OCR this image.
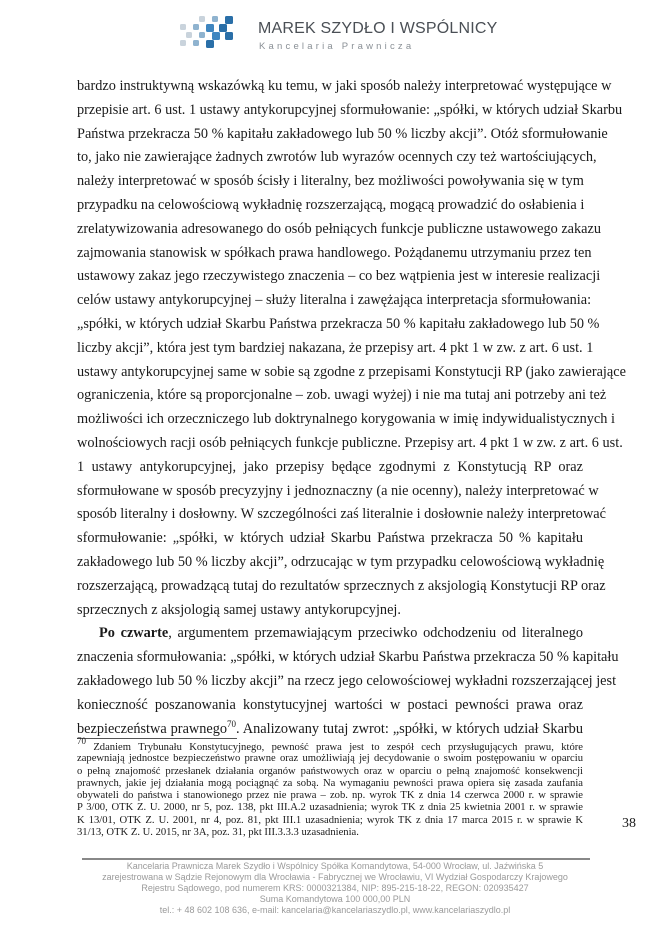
MAREK SZYDŁO I WSPÓLNICY
Kancelaria Prawnicza
bardzo instruktywną wskazówką ku temu, w jaki sposób należy interpretować występujące w
przepisie art. 6 ust. 1 ustawy antykorupcyjnej sformułowanie: „spółki, w których udział Skarbu
Państwa przekracza 50 % kapitału zakładowego lub 50 % liczby akcji”. Otóż sformułowanie
to, jako nie zawierające żadnych zwrotów lub wyrazów ocennych czy też wartościujących,
należy interpretować w sposób ścisły i literalny, bez możliwości powoływania się w tym
przypadku na celowościową wykładnię rozszerzającą, mogącą prowadzić do osłabienia i
zrelatywizowania adresowanego do osób pełniących funkcje publiczne ustawowego zakazu
zajmowania stanowisk w spółkach prawa handlowego. Pożądanemu utrzymaniu przez ten
ustawowy zakaz jego rzeczywistego znaczenia – co bez wątpienia jest w interesie realizacji
celów ustawy antykorupcyjnej – służy literalna i zawężająca interpretacja sformułowania:
„spółki, w których udział Skarbu Państwa przekracza 50 % kapitału zakładowego lub 50 %
liczby akcji”, która jest tym bardziej nakazana, że przepisy art. 4 pkt 1 w zw. z art. 6 ust. 1
ustawy antykorupcyjnej same w sobie są zgodne z przepisami Konstytucji RP (jako zawierające
ograniczenia, które są proporcjonalne – zob. uwagi wyżej) i nie ma tutaj ani potrzeby ani też
możliwości ich orzeczniczego lub doktrynalnego korygowania w imię indywidualistycznych i
wolnościowych racji osób pełniących funkcje publiczne. Przepisy art. 4 pkt 1 w zw. z art. 6 ust.
1 ustawy antykorupcyjnej, jako przepisy będące zgodnymi z Konstytucją RP oraz
sformułowane w sposób precyzyjny i jednoznaczny (a nie ocenny), należy interpretować w
sposób literalny i dosłowny. W szczególności zaś literalnie i dosłownie należy interpretować
sformułowanie: „spółki, w których udział Skarbu Państwa przekracza 50 % kapitału
zakładowego lub 50 % liczby akcji”, odrzucając w tym przypadku celowościową wykładnię
rozszerzającą, prowadzącą tutaj do rezultatów sprzecznych z aksjologią Konstytucji RP oraz
sprzecznych z aksjologią samej ustawy antykorupcyjnej.
Po czwarte, argumentem przemawiającym przeciwko odchodzeniu od literalnego
znaczenia sformułowania: „spółki, w których udział Skarbu Państwa przekracza 50 % kapitału
zakładowego lub 50 % liczby akcji” na rzecz jego celowościowej wykładni rozszerzającej jest
konieczność poszanowania konstytucyjnej wartości w postaci pewności prawa oraz
bezpieczeństwa prawnego$^{70}$. Analizowany tutaj zwrot: „spółki, w których udział Skarbu
$^{70}$ Zdaniem Trybunału Konstytucyjnego, pewność prawa jest to zespół cech przysługujących prawu, które
zapewniają jednostce bezpieczeństwo prawne oraz umożliwiają jej decydowanie o swoim postępowaniu w oparciu
o pełną znajomość przesłanek działania organów państwowych oraz w oparciu o pełną znajomość konsekwencji
prawnych, jakie jej działania mogą pociągnąć za sobą. Na wymaganiu pewności prawa opiera się zasada zaufania
obywateli do państwa i stanowionego przez nie prawa – zob. np. wyrok TK z dnia 14 czerwca 2000 r. w sprawie
P 3/00, OTK Z. U. 2000, nr 5, poz. 138, pkt III.A.2 uzasadnienia; wyrok TK z dnia 25 kwietnia 2001 r. w sprawie
K 13/01, OTK Z. U. 2001, nr 4, poz. 81, pkt III.1 uzasadnienia; wyrok TK z dnia 17 marca 2015 r. w sprawie K
31/13, OTK Z. U. 2015, nr 3A, poz. 31, pkt III.3.3.3 uzasadnienia.
38
Kancelaria Prawnicza Marek Szydło i Wspólnicy Spółka Komandytowa, 54-000 Wrocław, ul. Jaźwińska 5
zarejestrowana w Sądzie Rejonowym dla Wrocławia - Fabrycznej we Wrocławiu, VI Wydział Gospodarczy Krajowego
Rejestru Sądowego, pod numerem KRS: 0000321384, NIP: 895-215-18-22, REGON: 020935427
Suma Komandytowa 100 000,00 PLN
tel.: + 48 602 108 636, e-mail: kancelaria@kancelariaszydlo.pl, www.kancelariaszydlo.pl
